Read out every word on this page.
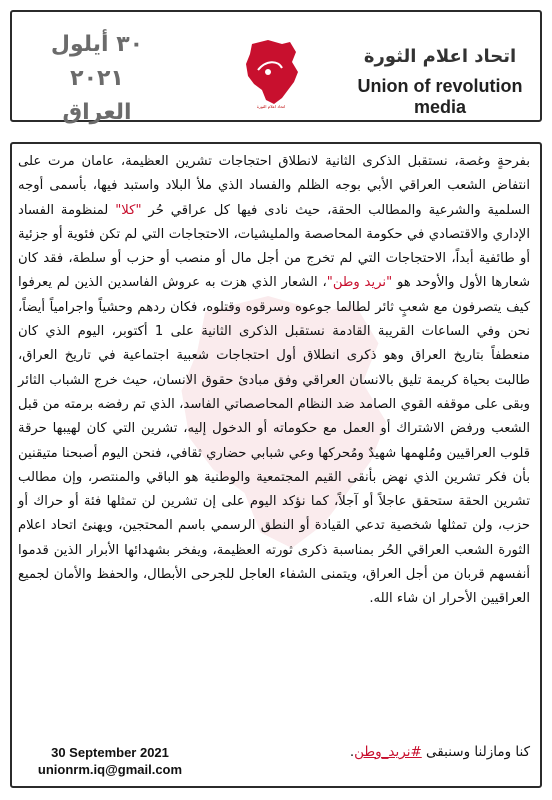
٣٠ أيلول ٢٠٢١
العراق	اتحاد اعلام الثورة
اتحاد اعلام الثورة
Union of revolution
media
بفرحةٍ وغصة، نستقبل الذكرى الثانية لانطلاق احتجاجات تشرين العظيمة، عامان مرت على انتفاض الشعب العراقي الأبي بوجه الظلم والفساد الذي ملأ البلاد واستبد فيها، بأسمى أوجه السلمية والشرعية والمطالب الحقة، حيث نادى فيها كل عراقي حُر "كلا" لمنظومة الفساد الإداري والاقتصادي في حكومة المحاصصة والمليشيات، الاحتجاجات التي لم تكن فئوية أو جزئية أو طائفية أبداً، الاحتجاجات التي لم تخرج من أجل مال أو منصب أو حزب أو سلطة، فقد كان شعارها الأول والأوحد هو "نريد وطن"، الشعار الذي هزت به عروش الفاسدين الذين لم يعرفوا كيف يتصرفون مع شعبٍ ثائر لطالما جوعوه وسرقوه وقتلوه، فكان ردهم وحشياً واجرامياً أيضاً، نحن وفي الساعات القريبة القادمة نستقبل الذكرى الثانية على 1 أكتوبر، اليوم الذي كان منعطفاً بتاريخ العراق وهو ذكرى انطلاق أول احتجاجات شعبية اجتماعية في تاريخ العراق، طالبت بحياة كريمة تليق بالانسان العراقي وفق مبادئ حقوق الانسان، حيث خرج الشباب الثائر وبقى على موقفه القوي الصامد ضد النظام المحاصصاتي الفاسد، الذي تم رفضه برمته من قبل الشعب ورفض الاشتراك أو العمل مع حكوماته أو الدخول إليه، تشرين التي كان لهيبها حرقة قلوب العراقيين ومُلهمها شهيدٌ ومُحركها وعي شبابي حضاري ثقافي، فنحن اليوم أصبحنا متيقنين بأن فكر تشرين الذي نهض بأنقى القيم المجتمعية والوطنية هو الباقي والمنتصر، وإن مطالب تشرين الحقة ستحقق عاجلاً أو آجلاً، كما نؤكد اليوم على إن تشرين لن تمثلها فئة أو حراك أو حزب، ولن تمثلها شخصية تدعي القيادة أو النطق الرسمي باسم المحتجين، ويهنئ اتحاد اعلام الثورة الشعب العراقي الحُر بمناسبة ذكرى ثورته العظيمة، ويفخر بشهدائها الأبرار الذين قدموا أنفسهم قربان من أجل العراق، ويتمنى الشفاء العاجل للجرحى الأبطال، والحفظ والأمان لجميع العراقيين الأحرار ان شاء الله.
كنا ومازلنا وسنبقى #نريد_وطن.
30 September 2021
unionrm.iq@gmail.com
